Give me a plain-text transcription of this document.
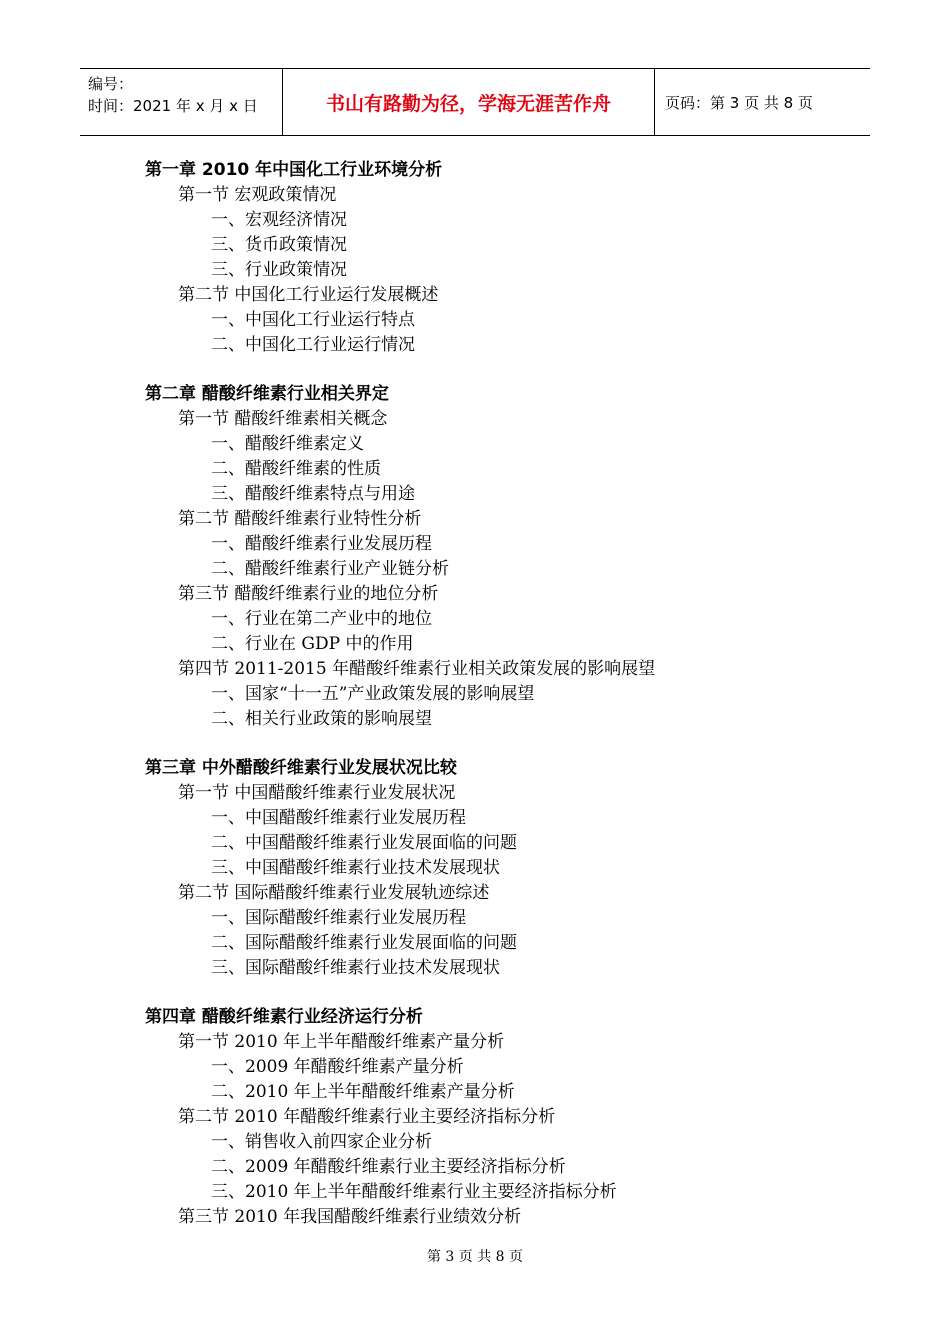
编号：
时间：2021 年 x 月 x 日	书山有路勤为径，学海无涯苦作舟	页码：第 3 页 共 8 页
第一章 2010 年中国化工行业环境分析
第一节 宏观政策情况
一、宏观经济情况
三、货币政策情况
三、行业政策情况
第二节 中国化工行业运行发展概述
一、中国化工行业运行特点
二、中国化工行业运行情况
第二章 醋酸纤维素行业相关界定
第一节 醋酸纤维素相关概念
一、醋酸纤维素定义
二、醋酸纤维素的性质
三、醋酸纤维素特点与用途
第二节 醋酸纤维素行业特性分析
一、醋酸纤维素行业发展历程
二、醋酸纤维素行业产业链分析
第三节 醋酸纤维素行业的地位分析
一、行业在第二产业中的地位
二、行业在 GDP 中的作用
第四节 2011-2015 年醋酸纤维素行业相关政策发展的影响展望
一、国家“十一五”产业政策发展的影响展望
二、相关行业政策的影响展望
第三章 中外醋酸纤维素行业发展状况比较
第一节 中国醋酸纤维素行业发展状况
一、中国醋酸纤维素行业发展历程
二、中国醋酸纤维素行业发展面临的问题
三、中国醋酸纤维素行业技术发展现状
第二节 国际醋酸纤维素行业发展轨迹综述
一、国际醋酸纤维素行业发展历程
二、国际醋酸纤维素行业发展面临的问题
三、国际醋酸纤维素行业技术发展现状
第四章 醋酸纤维素行业经济运行分析
第一节 2010 年上半年醋酸纤维素产量分析
一、2009 年醋酸纤维素产量分析
二、2010 年上半年醋酸纤维素产量分析
第二节 2010 年醋酸纤维素行业主要经济指标分析
一、销售收入前四家企业分析
二、2009 年醋酸纤维素行业主要经济指标分析
三、2010 年上半年醋酸纤维素行业主要经济指标分析
第三节 2010 年我国醋酸纤维素行业绩效分析
第 3 页 共 8 页
